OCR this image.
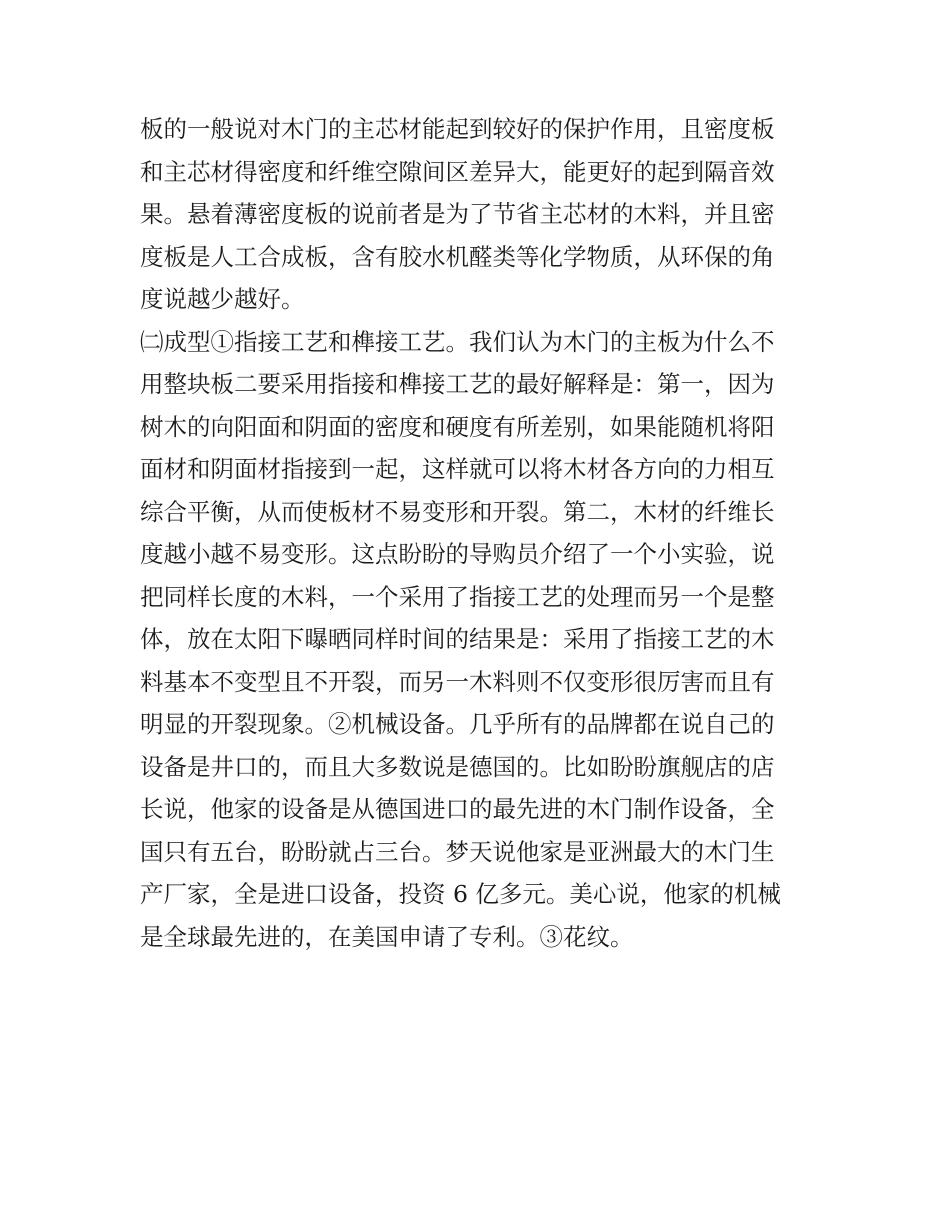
板的一般说对木门的主芯材能起到较好的保护作用，且密度板
和主芯材得密度和纤维空隙间区差异大，能更好的起到隔音效
果。悬着薄密度板的说前者是为了节省主芯材的木料，并且密
度板是人工合成板，含有胶水机醛类等化学物质，从环保的角
度说越少越好。
㈡成型①指接工艺和榫接工艺。我们认为木门的主板为什么不
用整块板二要采用指接和榫接工艺的最好解释是：第一，因为
树木的向阳面和阴面的密度和硬度有所差别，如果能随机将阳
面材和阴面材指接到一起，这样就可以将木材各方向的力相互
综合平衡，从而使板材不易变形和开裂。第二，木材的纤维长
度越小越不易变形。这点盼盼的导购员介绍了一个小实验，说
把同样长度的木料，一个采用了指接工艺的处理而另一个是整
体，放在太阳下曝晒同样时间的结果是：采用了指接工艺的木
料基本不变型且不开裂，而另一木料则不仅变形很厉害而且有
明显的开裂现象。②机械设备。几乎所有的品牌都在说自己的
设备是井口的，而且大多数说是德国的。比如盼盼旗舰店的店
长说，他家的设备是从德国进口的最先进的木门制作设备，全
国只有五台，盼盼就占三台。梦天说他家是亚洲最大的木门生
产厂家，全是进口设备，投资 6 亿多元。美心说，他家的机械
是全球最先进的，在美国申请了专利。③花纹。
